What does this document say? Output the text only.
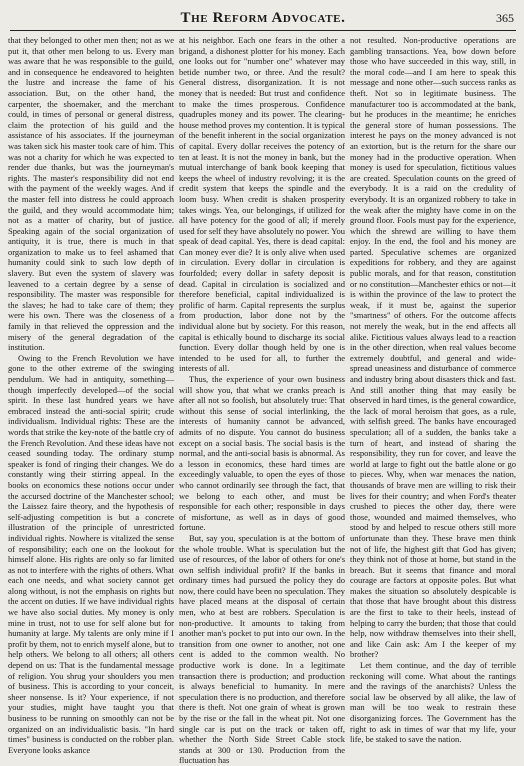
The Reform Advocate.	365

that they belonged to other men then; not as we put it, that other men belong to us. Every man was aware that he was responsible to the guild, and in consequence he endeavored to heighten the lustre and increase the fame of his association. But, on the other hand, the carpenter, the shoemaker, and the merchant could, in times of personal or general distress, claim the protection of his guild and the assistance of his associates. If the journeyman was taken sick his master took care of him. This was not a charity for which he was expected to render due thanks, but was the journeyman's rights. The master's responsibility did not end with the payment of the weekly wages. And if the master fell into distress he could approach the guild, and they would accommodate him; not as a matter of charity, but of justice. Speaking again of the social organization of antiquity, it is true, there is much in that organization to make us to feel ashamed that humanity could sink to such low depth of slavery. But even the system of slavery was leavened to a certain degree by a sense of responsibility. The master was responsible for the slaves; he had to take care of them; they were his own. There was the closeness of a family in that relieved the oppression and the misery of the general degradation of the institution.

Owing to the French Revolution we have gone to the other extreme of the swinging pendulum. We had in antiquity, something—though imperfectly developed—of the social spirit. In these last hundred years we have embraced instead the anti-social spirit; crude individualism. Individual rights: These are the words that strike the key-note of the battle cry of the French Revolution. And these ideas have not ceased sounding today. The ordinary stump speaker is fond of ringing their changes. We do constantly wing their stirring appeal. In the books on economics these notions occur under the accursed doctrine of the Manchester school; the Laissez faire theory, and the hypothesis of self-adjusting competition is but a concrete illustration of the principle of unrestricted individual rights. Nowhere is vitalized the sense of responsibility; each one on the lookout for himself alone. His rights are only so far limited as not to interfere with the rights of others. What each one needs, and what society cannot get along without, is not the emphasis on rights but the accent on duties. If we have individual rights we have also social duties. My money is only mine in trust, not to use for self alone but for humanity at large. My talents are only mine if I profit by them, not to enrich myself alone, but to help others. We belong to all others; all others depend on us: That is the fundamental message of religion. You shrug your shoulders you men of business. This is according to your conceit, sheer nonsense. Is it? Your experience, if not your studies, might have taught you that business to be running on smoothly can not be organized on an individualistic basis. "In hard times" business is conducted on the robber plan. Everyone looks askance

at his neighbor. Each one fears in the other a brigand, a dishonest plotter for his money. Each one looks out for "number one" whatever may betide number two, or three. And the result? General distress, disorganization. It is not money that is needed: But trust and confidence to make the times prosperous. Confidence quadruples money and its power. The clearing-house method proves my contention. It is typical of the benefit inherent in the social organization of capital. Every dollar receives the potency of ten at least. It is not the money in bank, but the mutual interchange of bank book keeping that keeps the wheel of industry revolving; it is the credit system that keeps the spindle and the loom busy. When credit is shaken prosperity takes wings. Yea, our belongings, if utilized for all have potency for the good of all; if merely used for self they have absolutely no power. You speak of dead capital. Yes, there is dead capital: Can money ever die? It is only alive when used in circulation. Every dollar in circulation is fourfolded; every dollar in safety deposit is dead. Capital in circulation is socialized and therefore beneficial, capital individualized is prolific of harm. Capital represents the surplus from production, labor done not by the individual alone but by society. For this reason, capital is ethically bound to discharge its social function. Every dollar though held by one is intended to be used for all, to further the interests of all.

Thus, the experience of your own business will show you, that what we cranks preach is after all not so foolish, but absolutely true: That without this sense of social interlinking, the interests of humanity cannot be advanced, admits of no dispute. You cannot do business except on a social basis. The social basis is the normal, and the anti-social basis is abnormal. As a lesson in economics, these hard times are exceedingly valuable, to open the eyes of those who cannot ordinarily see through the fact, that we belong to each other, and must be responsible for each other; responsible in days of misfortune, as well as in days of good fortune.

But, say you, speculation is at the bottom of the whole trouble. What is speculation but the use of resources, of the labor of others for one's own selfish individual profit? If the banks in ordinary times had pursued the policy they do now, there could have been no speculation. They have placed means at the disposal of certain men, who at best are robbers. Speculation is non-productive. It amounts to taking from another man's pocket to put into our own. In the transition from one owner to another, not one cent is added to the common wealth. No productive work is done. In a legitimate transaction there is production; and production is always beneficial to humanity. In mere speculation there is no production, and therefore there is theft. Not one grain of wheat is grown by the rise or the fall in the wheat pit. Not one single car is put on the track or taken off, whether the North Side Street Cable stock stands at 300 or 130. Production from the fluctuation has

not resulted. Non-productive operations are gambling transactions. Yea, bow down before those who have succeeded in this way, still, in the moral code—and I am here to speak this message and none other—such success ranks as theft. Not so in legitimate business. The manufacturer too is accommodated at the bank, but he produces in the meantime; he enriches the general store of human possessions. The interest he pays on the money advanced is not an extortion, but is the return for the share our money had in the productive operation. When money is used for speculation, fictitious values are created. Speculation counts on the greed of everybody. It is a raid on the credulity of everybody. It is an organized robbery to take in the weak after the mighty have come in on the ground floor. Fools must pay for the experience, which the shrewd are willing to have them enjoy. In the end, the fool and his money are parted. Speculative schemes are organized expeditions for robbery, and they are against public morals, and for that reason, constitution or no constitution—Manchester ethics or not—it is within the province of the law to protect the weak, if it must be, against the superior "smartness" of others. For the outcome affects not merely the weak, but in the end affects all alike. Fictitious values always lead to a reaction in the other direction, when real values become extremely doubtful, and general and wide-spread uneasiness and disturbance of commerce and industry bring about disasters thick and fast. And still another thing that may easily be observed in hard times, is the general cowardice, the lack of moral heroism that goes, as a rule, with selfish greed. The banks have encouraged speculation; all of a sudden, the banks take a turn of heart, and instead of sharing the responsibility, they run for cover, and leave the world at large to fight out the battle alone or go to pieces. Why, when war menaces the nation, thousands of brave men are willing to risk their lives for their country; and when Ford's theater crushed to pieces the other day, there were those, wounded and maimed themselves, who stood by and helped to rescue others still more unfortunate than they. These brave men think not of life, the highest gift that God has given; they think not of those at home, but stand in the breach. But it seems that finance and moral courage are factors at opposite poles. But what makes the situation so absolutely despicable is that those that have brought about this distress are the first to take to their heels, instead of helping to carry the burden; that those that could help, now withdraw themselves into their shell, and like Cain ask: Am I the keeper of my brother?

Let them continue, and the day of terrible reckoning will come. What about the rantings and the ravings of the anarchists? Unless the social law be observed by all alike, the law of man will be too weak to restrain these disorganizing forces. The Government has the right to ask in times of war that my life, your life, be staked to save the nation.
